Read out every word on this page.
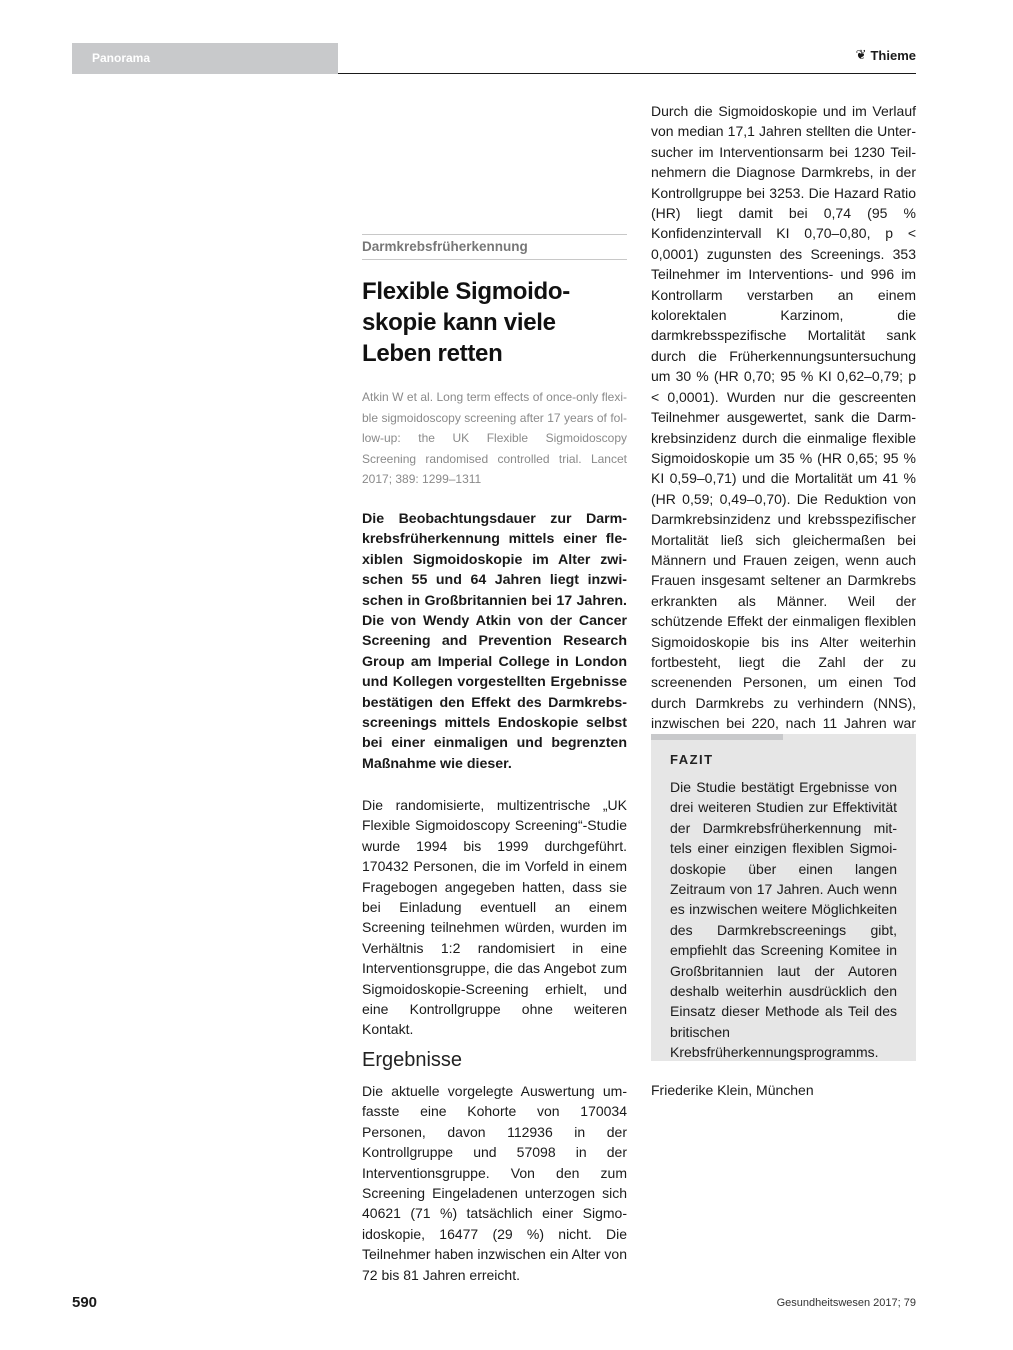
Panorama	❦ Thieme
Darmkrebsfrüherkennung
Flexible Sigmoido-
skopie kann viele
Leben retten
Atkin W et al. Long term effects of once-only flexible sigmoidoscopy screening after 17 years of follow-up: the UK Flexible Sigmoidoscopy Screening randomised controlled trial. Lancet 2017; 389: 1299–1311
Die Beobachtungsdauer zur Darmkrebsfrüherkennung mittels einer flexiblen Sigmoidoskopie im Alter zwischen 55 und 64 Jahren liegt inzwischen in Großbritannien bei 17 Jahren. Die von Wendy Atkin von der Cancer Screening and Prevention Research Group am Imperial College in London und Kollegen vorgestellten Ergebnisse bestätigen den Effekt des Darmkrebsscreenings mittels Endoskopie selbst bei einer einmaligen und begrenzten Maßnahme wie dieser.
Die randomisierte, multizentrische „UK Flexible Sigmoidoscopy Screening“-Studie wurde 1994 bis 1999 durchgeführt. 170432 Personen, die im Vorfeld in einem Fragebogen angegeben hatten, dass sie bei Einladung eventuell an einem Screening teilnehmen würden, wurden im Verhältnis 1:2 randomisiert in eine Interventionsgruppe, die das Angebot zum Sigmoidoskopie-Screening erhielt, und eine Kontrollgruppe ohne weiteren Kontakt.
Ergebnisse
Die aktuelle vorgelegte Auswertung umfasste eine Kohorte von 170034 Personen, davon 112936 in der Kontrollgruppe und 57098 in der Interventionsgruppe. Von den zum Screening Eingeladenen unterzogen sich 40621 (71 %) tatsächlich einer Sigmoidoskopie, 16477 (29 %) nicht. Die Teilnehmer haben inzwischen ein Alter von 72 bis 81 Jahren erreicht.
Durch die Sigmoidoskopie und im Verlauf von median 17,1 Jahren stellten die Untersucher im Interventionsarm bei 1230 Teilnehmern die Diagnose Darmkrebs, in der Kontrollgruppe bei 3253. Die Hazard Ratio (HR) liegt damit bei 0,74 (95 % Konfidenzintervall KI 0,70–0,80, p < 0,0001) zugunsten des Screenings. 353 Teilnehmer im Interventions- und 996 im Kontrollarm verstarben an einem kolorektalen Karzinom, die darmkrebsspezifische Mortalität sank durch die Früherkennungsuntersuchung um 30 % (HR 0,70; 95 % KI 0,62–0,79; p < 0,0001). Wurden nur die gescreenten Teilnehmer ausgewertet, sank die Darmkrebsinzidenz durch die einmalige flexible Sigmoidoskopie um 35 % (HR 0,65; 95 % KI 0,59–0,71) und die Mortalität um 41 % (HR 0,59; 0,49–0,70). Die Reduktion von Darmkrebsinzidenz und krebsspezifischer Mortalität ließ sich gleichermaßen bei Männern und Frauen zeigen, wenn auch Frauen insgesamt seltener an Darmkrebs erkrankten als Männer. Weil der schützende Effekt der einmaligen flexiblen Sigmoidoskopie bis ins Alter weiterhin fortbesteht, liegt die Zahl der zu screenenden Personen, um einen Tod durch Darmkrebs zu verhindern (NNS), inzwischen bei 220, nach 11 Jahren war
FAZIT
Die Studie bestätigt Ergebnisse von drei weiteren Studien zur Effektivität der Darmkrebsfrüherkennung mittels einer einzigen flexiblen Sigmoidoskopie über einen langen Zeitraum von 17 Jahren. Auch wenn es inzwischen weitere Möglichkeiten des Darmkrebscreenings gibt, empfiehlt das Screening Komitee in Großbritannien laut der Autoren deshalb weiterhin ausdrücklich den Einsatz dieser Methode als Teil des britischen Krebsfrüherkennungsprogramms.
Friederike Klein, München
590	Gesundheitswesen 2017; 79
